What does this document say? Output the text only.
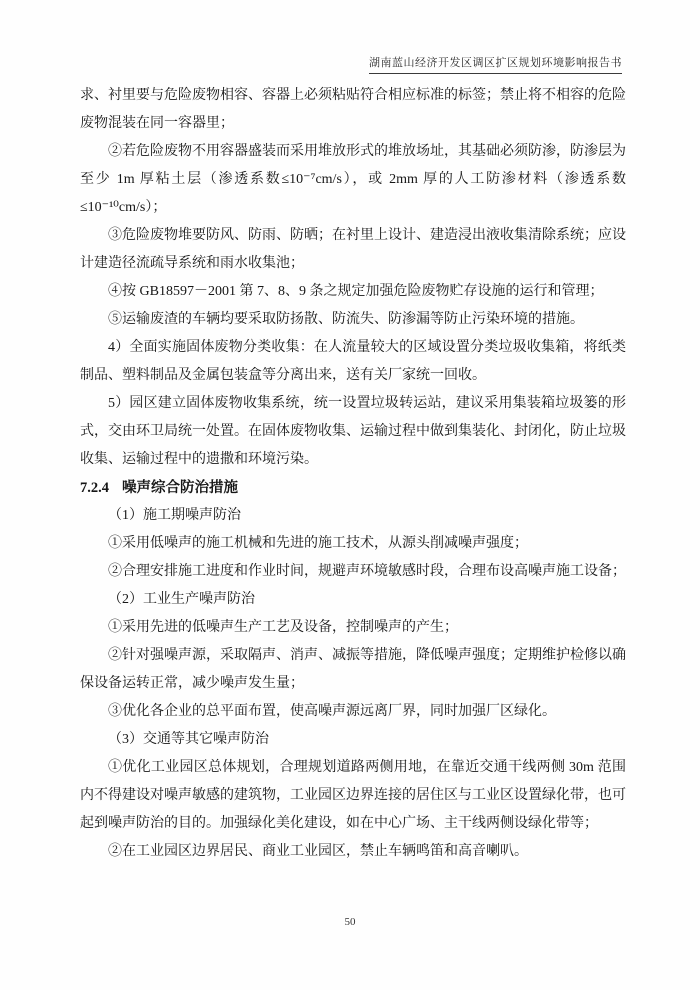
湖南蓝山经济开发区调区扩区规划环境影响报告书

求、衬里要与危险废物相容、容器上必须粘贴符合相应标准的标签；禁止将不相容的危险废物混装在同一容器里；

②若危险废物不用容器盛装而采用堆放形式的堆放场址，其基础必须防渗，防渗层为至少 1m 厚粘土层（渗透系数≤10⁻⁷cm/s），或 2mm 厚的人工防渗材料（渗透系数≤10⁻¹⁰cm/s）；

③危险废物堆要防风、防雨、防晒；在衬里上设计、建造浸出液收集清除系统；应设计建造径流疏导系统和雨水收集池；

④按 GB18597－2001 第 7、8、9 条之规定加强危险废物贮存设施的运行和管理；

⑤运输废渣的车辆均要采取防扬散、防流失、防渗漏等防止污染环境的措施。

4）全面实施固体废物分类收集：在人流量较大的区域设置分类垃圾收集箱，将纸类制品、塑料制品及金属包装盒等分离出来，送有关厂家统一回收。

5）园区建立固体废物收集系统，统一设置垃圾转运站，建议采用集装箱垃圾篓的形式，交由环卫局统一处置。在固体废物收集、运输过程中做到集装化、封闭化，防止垃圾收集、运输过程中的遗撒和环境污染。

7.2.4 噪声综合防治措施

（1）施工期噪声防治

①采用低噪声的施工机械和先进的施工技术，从源头削减噪声强度；

②合理安排施工进度和作业时间，规避声环境敏感时段，合理布设高噪声施工设备；

（2）工业生产噪声防治

①采用先进的低噪声生产工艺及设备，控制噪声的产生；

②针对强噪声源，采取隔声、消声、减振等措施，降低噪声强度；定期维护检修以确保设备运转正常，减少噪声发生量；

③优化各企业的总平面布置，使高噪声源远离厂界，同时加强厂区绿化。

（3）交通等其它噪声防治

①优化工业园区总体规划，合理规划道路两侧用地，在靠近交通干线两侧 30m 范围内不得建设对噪声敏感的建筑物，工业园区边界连接的居住区与工业区设置绿化带，也可起到噪声防治的目的。加强绿化美化建设，如在中心广场、主干线两侧设绿化带等；

②在工业园区边界居民、商业工业园区，禁止车辆鸣笛和高音喇叭。

50
